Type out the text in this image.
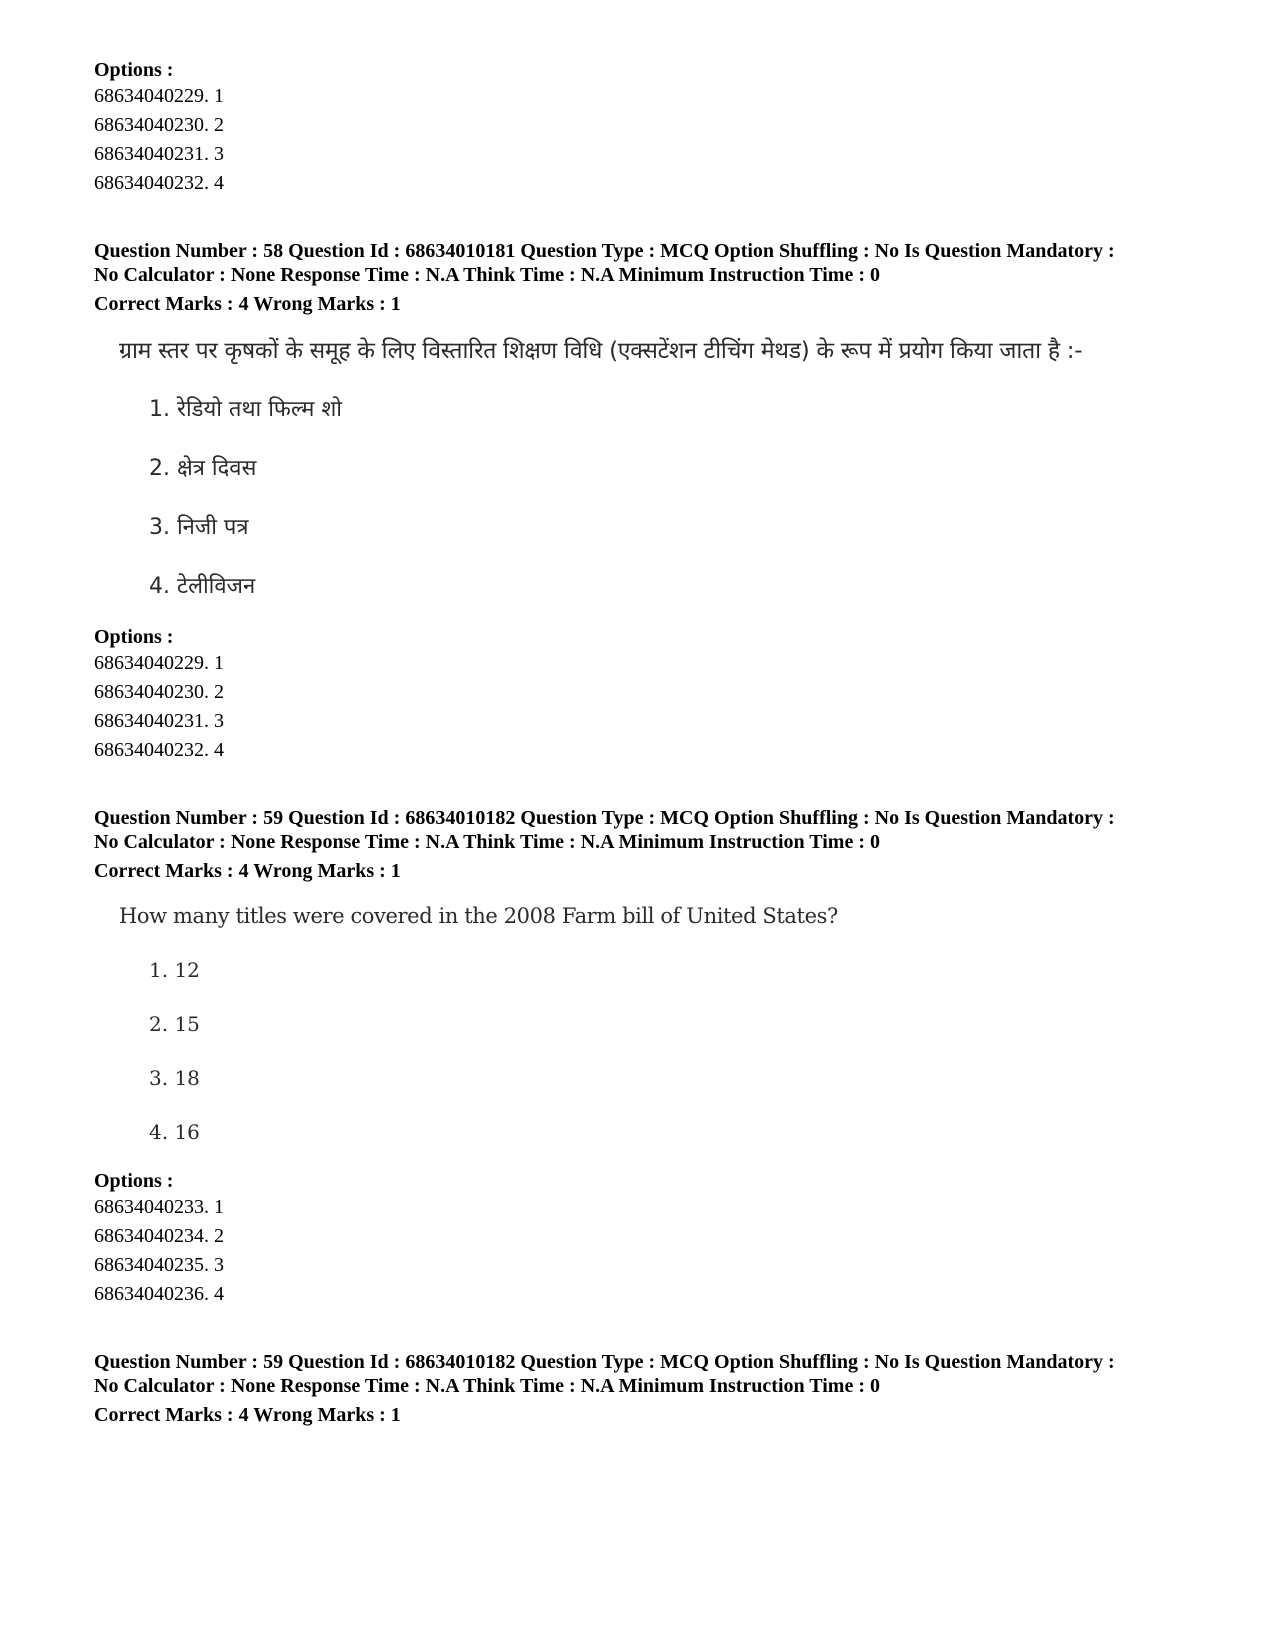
Options :

68634040229. 1

68634040230. 2

68634040231. 3

68634040232. 4

Question Number : 58 Question Id : 68634010181 Question Type : MCQ Option Shuffling : No Is Question Mandatory :

No Calculator : None Response Time : N.A Think Time : N.A Minimum Instruction Time : 0

Correct Marks : 4 Wrong Marks : 1

ग्राम स्तर पर कृषकों के समूह के लिए विस्तारित शिक्षण विधि (एक्सटेंशन टीचिंग मेथड) के रूप में प्रयोग किया जाता है :-

1. रेडियो तथा फिल्म शो

2. क्षेत्र दिवस

3. निजी पत्र

4. टेलीविजन

Options :

68634040229. 1

68634040230. 2

68634040231. 3

68634040232. 4

Question Number : 59 Question Id : 68634010182 Question Type : MCQ Option Shuffling : No Is Question Mandatory :

No Calculator : None Response Time : N.A Think Time : N.A Minimum Instruction Time : 0

Correct Marks : 4 Wrong Marks : 1

How many titles were covered in the 2008 Farm bill of United States?

1. 12

2. 15

3. 18

4. 16

Options :

68634040233. 1

68634040234. 2

68634040235. 3

68634040236. 4

Question Number : 59 Question Id : 68634010182 Question Type : MCQ Option Shuffling : No Is Question Mandatory :

No Calculator : None Response Time : N.A Think Time : N.A Minimum Instruction Time : 0

Correct Marks : 4 Wrong Marks : 1
